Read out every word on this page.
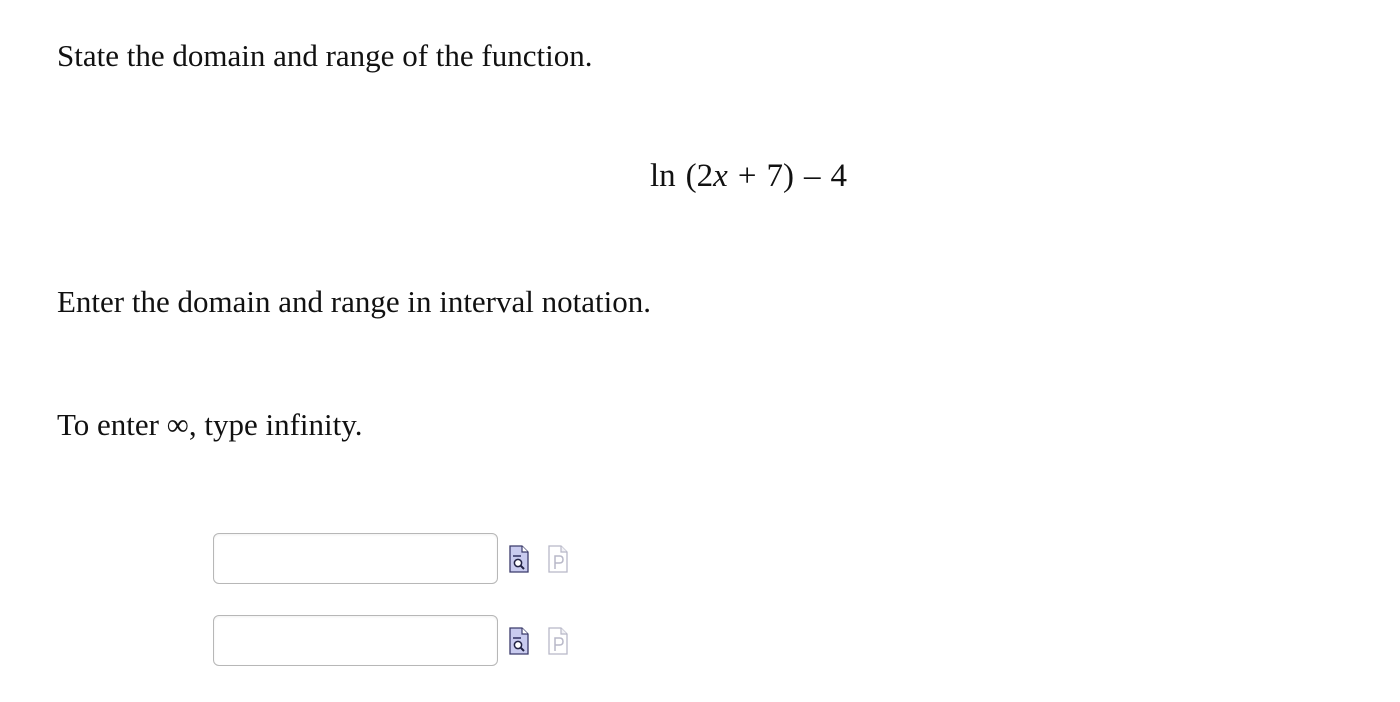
State the domain and range of the function.
ln (2x + 7) – 4
Enter the domain and range in interval notation.
To enter ∞, type infinity.
